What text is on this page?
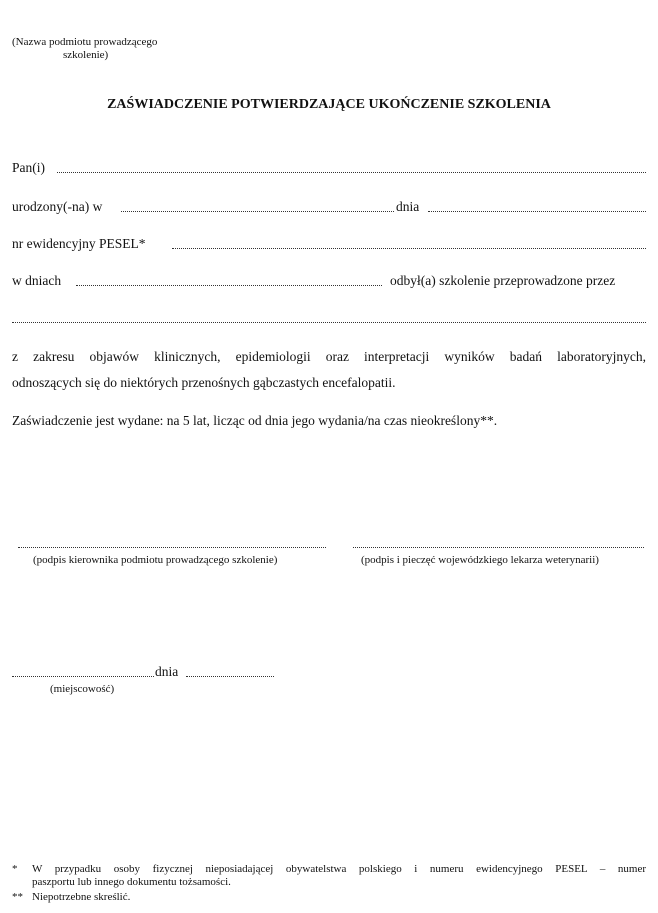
(Nazwa podmiotu prowadzącego
szkolenie)
ZAŚWIADCZENIE POTWIERDZAJĄCE UKOŃCZENIE SZKOLENIA
Pan(i)
urodzony(-na) w	dnia
nr ewidencyjny PESEL*
w dniach	odbył(a) szkolenie przeprowadzone przez
z zakresu objawów klinicznych, epidemiologii oraz interpretacji wyników badań laboratoryjnych,
odnoszących się do niektórych przenośnych gąbczastych encefalopatii.
Zaświadczenie jest wydane: na 5 lat, licząc od dnia jego wydania/na czas nieokreślony**.
(podpis kierownika podmiotu prowadzącego szkolenie)	(podpis i pieczęć wojewódzkiego lekarza weterynarii)
dnia
(miejscowość)
* W przypadku osoby fizycznej nieposiadającej obywatelstwa polskiego i numeru ewidencyjnego PESEL – numer
paszportu lub innego dokumentu tożsamości.
** Niepotrzebne skreślić.
